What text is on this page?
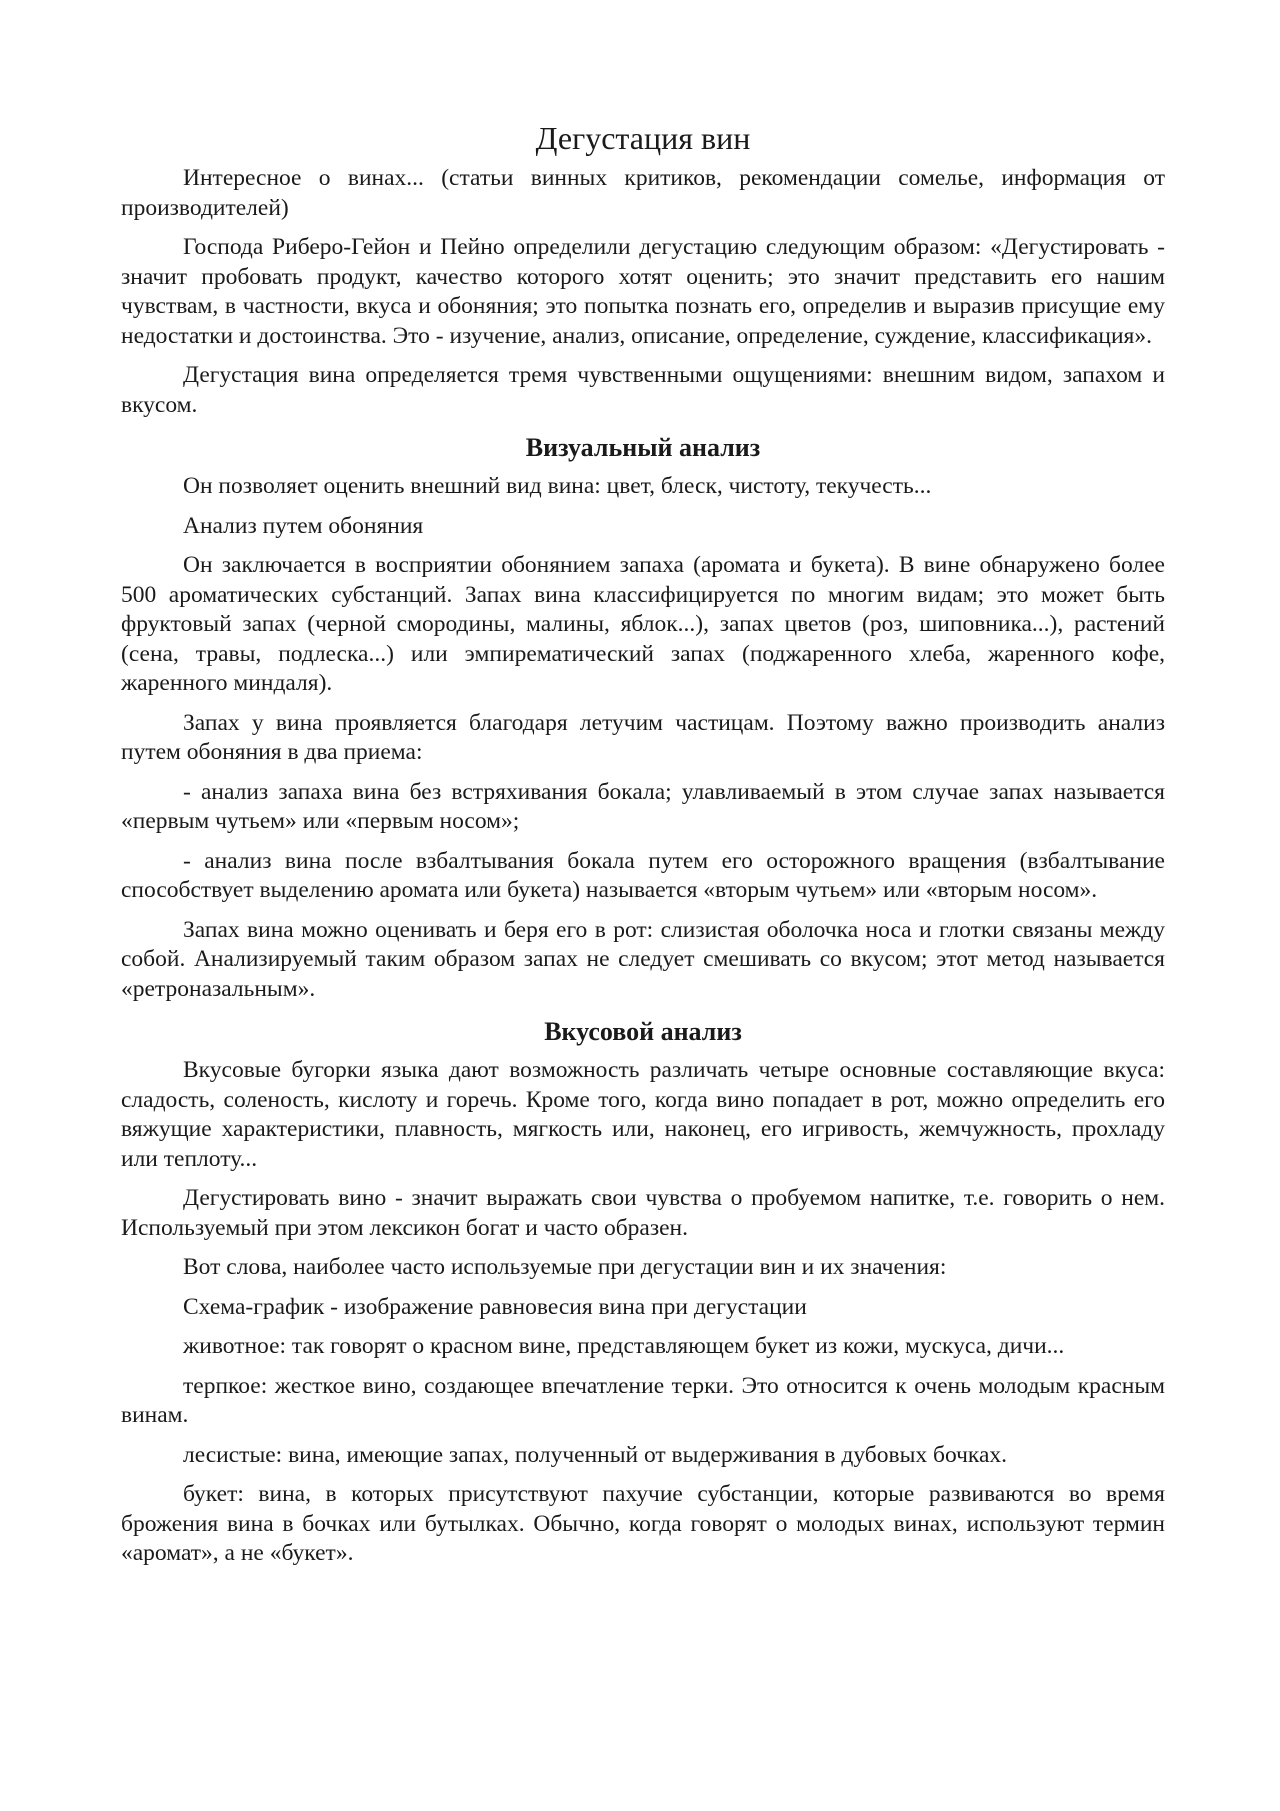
Дегустация вин

Интересное о винах... (статьи винных критиков, рекомендации сомелье, информация от производителей)

Господа Риберо-Гейон и Пейно определили дегустацию следующим образом: «Дегустировать - значит пробовать продукт, качество которого хотят оценить; это значит представить его нашим чувствам, в частности, вкуса и обоняния; это попытка познать его, определив и выразив присущие ему недостатки и достоинства. Это - изучение, анализ, описание, определение, суждение, классификация».

Дегустация вина определяется тремя чувственными ощущениями: внешним видом, запахом и вкусом.

Визуальный анализ

Он позволяет оценить внешний вид вина: цвет, блеск, чистоту, текучесть...

Анализ путем обоняния

Он заключается в восприятии обонянием запаха (аромата и букета). В вине обнаружено более 500 ароматических субстанций. Запах вина классифицируется по многим видам; это может быть фруктовый запах (черной смородины, малины, яблок...), запах цветов (роз, шиповника...), растений (сена, травы, подлеска...) или эмпирематический запах (поджаренного хлеба, жаренного кофе, жаренного миндаля).

Запах у вина проявляется благодаря летучим частицам. Поэтому важно производить анализ путем обоняния в два приема:

- анализ запаха вина без встряхивания бокала; улавливаемый в этом случае запах называется «первым чутьем» или «первым носом»;

- анализ вина после взбалтывания бокала путем его осторожного вращения (взбалтывание способствует выделению аромата или букета) называется «вторым чутьем» или «вторым носом».

Запах вина можно оценивать и беря его в рот: слизистая оболочка носа и глотки связаны между собой. Анализируемый таким образом запах не следует смешивать со вкусом; этот метод называется «ретроназальным».

Вкусовой анализ

Вкусовые бугорки языка дают возможность различать четыре основные составляющие вкуса: сладость, соленость, кислоту и горечь. Кроме того, когда вино попадает в рот, можно определить его вяжущие характеристики, плавность, мягкость или, наконец, его игривость, жемчужность, прохладу или теплоту...

Дегустировать вино - значит выражать свои чувства о пробуемом напитке, т.е. говорить о нем. Используемый при этом лексикон богат и часто образен.

Вот слова, наиболее часто используемые при дегустации вин и их значения:

Схема-график - изображение равновесия вина при дегустации

животное: так говорят о красном вине, представляющем букет из кожи, мускуса, дичи...

терпкое: жесткое вино, создающее впечатление терки. Это относится к очень молодым красным винам.

лесистые: вина, имеющие запах, полученный от выдерживания в дубовых бочках.

букет: вина, в которых присутствуют пахучие субстанции, которые развиваются во время брожения вина в бочках или бутылках. Обычно, когда говорят о молодых винах, используют термин «аромат», а не «букет».
